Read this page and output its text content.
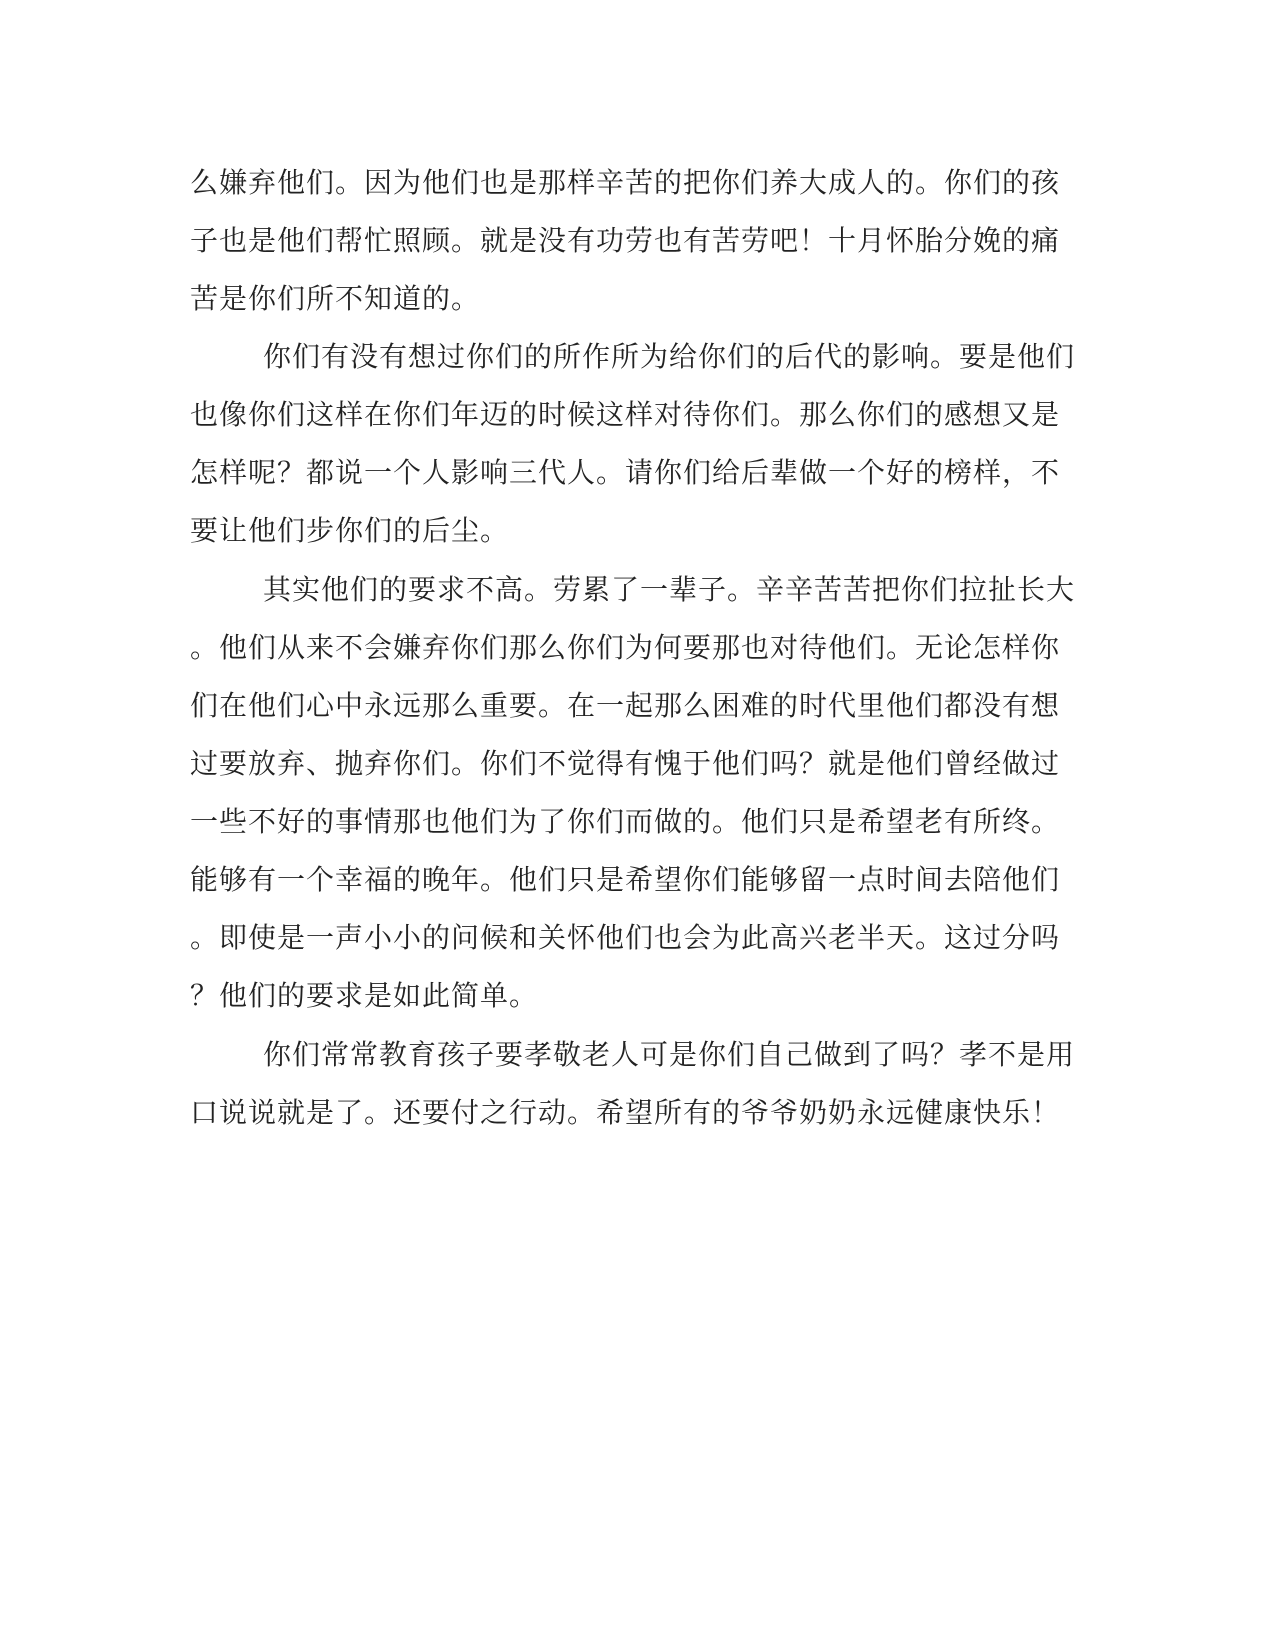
么嫌弃他们。因为他们也是那样辛苦的把你们养大成人的。你们的孩
子也是他们帮忙照顾。就是没有功劳也有苦劳吧！十月怀胎分娩的痛
苦是你们所不知道的。
你们有没有想过你们的所作所为给你们的后代的影响。要是他们
也像你们这样在你们年迈的时候这样对待你们。那么你们的感想又是
怎样呢？都说一个人影响三代人。请你们给后辈做一个好的榜样，不
要让他们步你们的后尘。
其实他们的要求不高。劳累了一辈子。辛辛苦苦把你们拉扯长大
。他们从来不会嫌弃你们那么你们为何要那也对待他们。无论怎样你
们在他们心中永远那么重要。在一起那么困难的时代里他们都没有想
过要放弃、抛弃你们。你们不觉得有愧于他们吗？就是他们曾经做过
一些不好的事情那也他们为了你们而做的。他们只是希望老有所终。
能够有一个幸福的晚年。他们只是希望你们能够留一点时间去陪他们
。即使是一声小小的问候和关怀他们也会为此高兴老半天。这过分吗
？他们的要求是如此简单。
你们常常教育孩子要孝敬老人可是你们自己做到了吗？孝不是用
口说说就是了。还要付之行动。希望所有的爷爷奶奶永远健康快乐！
